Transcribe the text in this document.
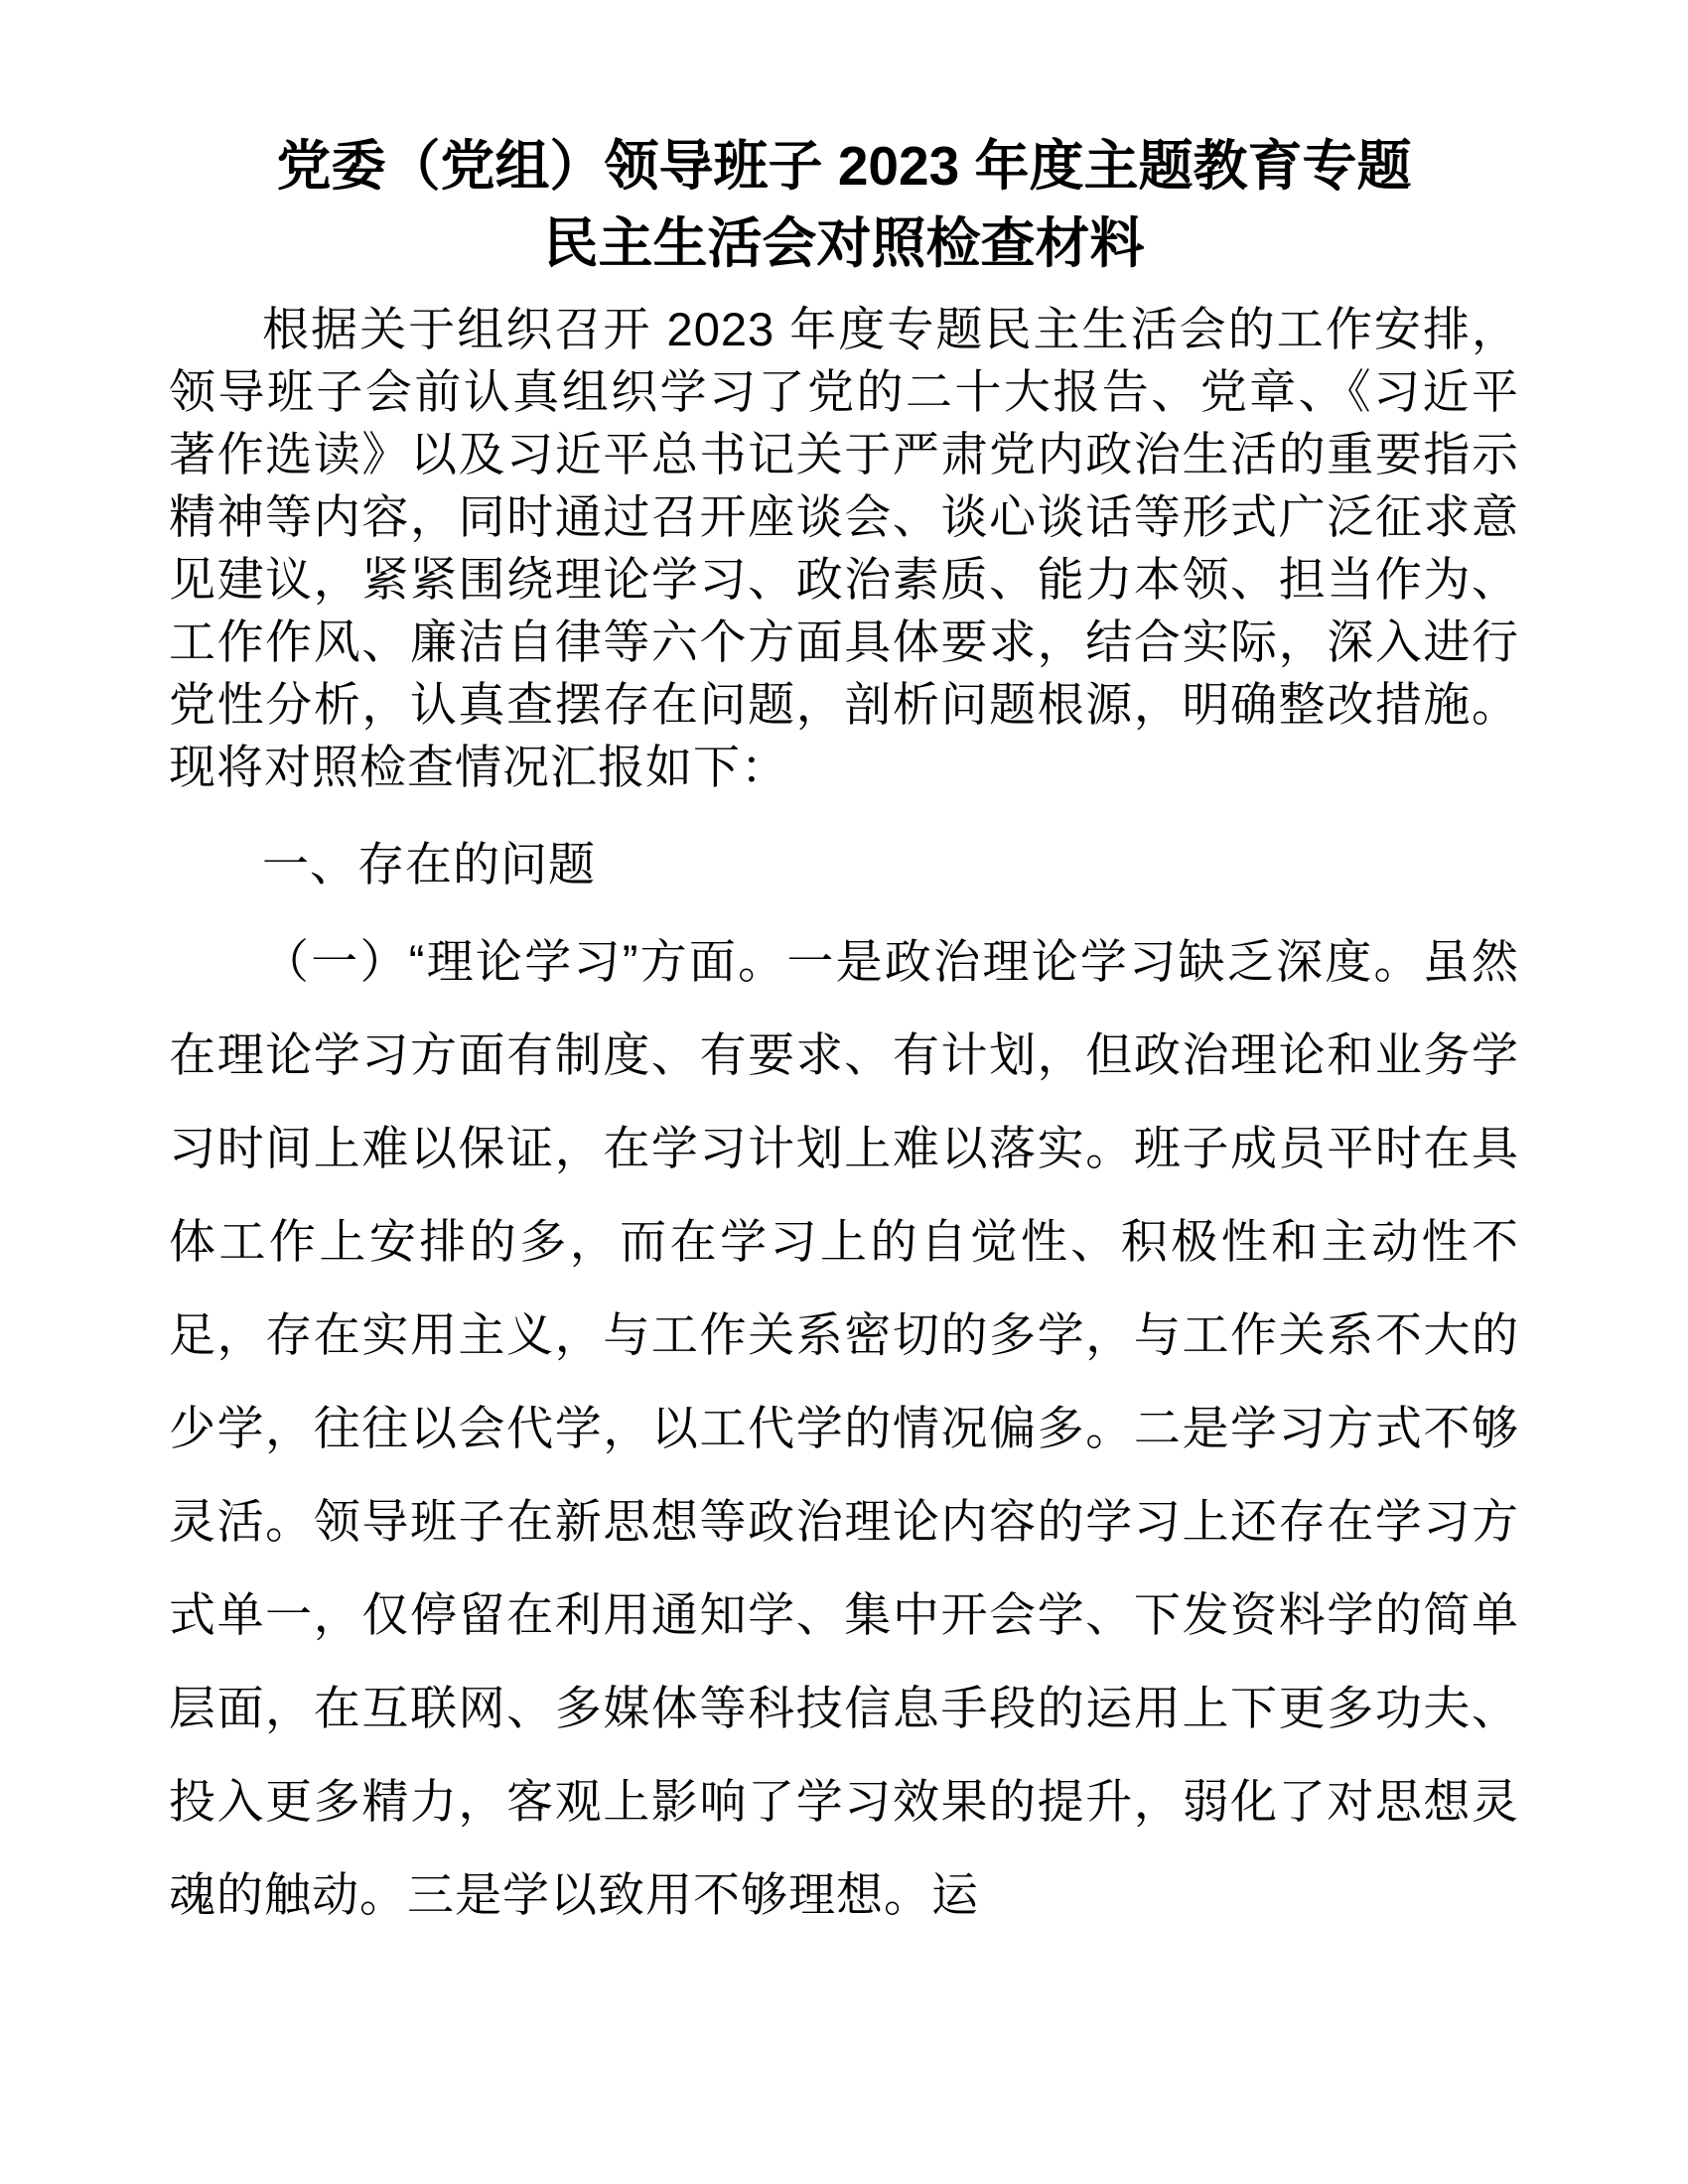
党委（党组）领导班子 2023 年度主题教育专题
民主生活会对照检查材料

根据关于组织召开 2023 年度专题民主生活会的工作安排，领导班子会前认真组织学习了党的二十大报告、党章、《习近平著作选读》以及习近平总书记关于严肃党内政治生活的重要指示精神等内容，同时通过召开座谈会、谈心谈话等形式广泛征求意见建议，紧紧围绕理论学习、政治素质、能力本领、担当作为、工作作风、廉洁自律等六个方面具体要求，结合实际，深入进行党性分析，认真查摆存在问题，剖析问题根源，明确整改措施。现将对照检查情况汇报如下：

一、存在的问题

（一）“理论学习”方面。一是政治理论学习缺乏深度。虽然在理论学习方面有制度、有要求、有计划，但政治理论和业务学习时间上难以保证，在学习计划上难以落实。班子成员平时在具体工作上安排的多，而在学习上的自觉性、积极性和主动性不足，存在实用主义，与工作关系密切的多学，与工作关系不大的少学，往往以会代学，以工代学的情况偏多。二是学习方式不够灵活。领导班子在新思想等政治理论内容的学习上还存在学习方式单一，仅停留在利用通知学、集中开会学、下发资料学的简单层面，在互联网、多媒体等科技信息手段的运用上下更多功夫、投入更多精力，客观上影响了学习效果的提升，弱化了对思想灵魂的触动。三是学以致用不够理想。运
